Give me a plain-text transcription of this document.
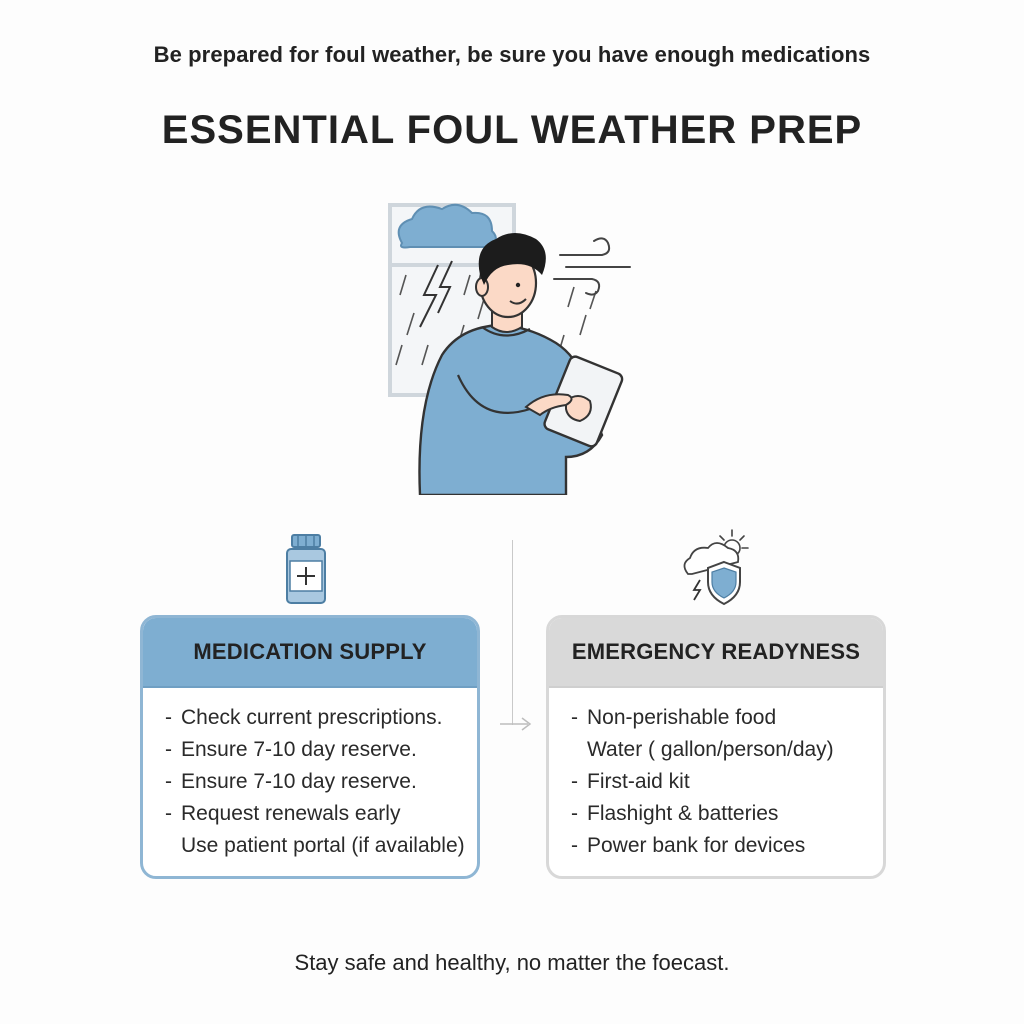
Be prepared for foul weather, be sure you have enough medications
ESSENTIAL FOUL WEATHER PREP
MEDICATION SUPPLY
- Check current prescriptions.
- Ensure 7-10 day reserve.
- Ensure 7-10 day reserve.
- Request renewals early
Use patient portal (if available)
EMERGENCY READYNESS
- Non-perishable food
Water ( gallon/person/day)
- First-aid kit
- Flashight & batteries
- Power bank for devices
Stay safe and healthy, no matter the foecast.
